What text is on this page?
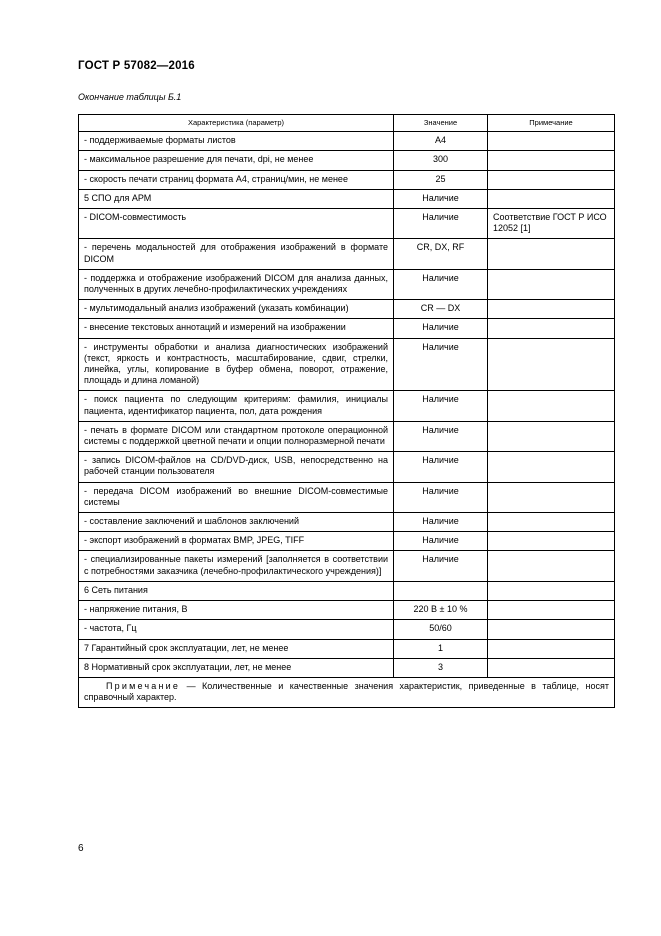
ГОСТ Р 57082—2016
Окончание таблицы Б.1
Характеристика (параметр)	Значение	Примечание
- поддерживаемые форматы листов	А4	
- максимальное разрешение для печати, dpi, не менее	300	
- скорость печати страниц формата А4, страниц/мин, не менее	25	
5 СПО для АРМ	Наличие	
- DICOM-совместимость	Наличие	Соответствие ГОСТ Р ИСО 12052 [1]
- перечень модальностей для отображения изображений в формате DICOM	CR, DX, RF	
- поддержка и отображение изображений DICOM для анализа данных, полученных в других лечебно-профилактических учреждениях	Наличие	
- мультимодальный анализ изображений (указать комбинации)	CR — DX	
- внесение текстовых аннотаций и измерений на изображении	Наличие	
- инструменты обработки и анализа диагностических изображений (текст, яркость и контрастность, масштабирование, сдвиг, стрелки, линейка, углы, копирование в буфер обмена, поворот, отражение, площадь и длина ломаной)	Наличие	
- поиск пациента по следующим критериям: фамилия, инициалы пациента, идентификатор пациента, пол, дата рождения	Наличие	
- печать в формате DICOM или стандартном протоколе операционной системы с поддержкой цветной печати и опции полноразмерной печати	Наличие	
- запись DICOM-файлов на CD/DVD-диск, USB, непосредственно на рабочей станции пользователя	Наличие	
- передача DICOM изображений во внешние DICOM-совместимые системы	Наличие	
- составление заключений и шаблонов заключений	Наличие	
- экспорт изображений в форматах BMP, JPEG, TIFF	Наличие	
- специализированные пакеты измерений [заполняется в соответствии с потребностями заказчика (лечебно-профилактического учреждения)]	Наличие	
6 Сеть питания		
- напряжение питания, В	220 В ± 10 %	
- частота, Гц	50/60	
7 Гарантийный срок эксплуатации, лет, не менее	1	
8 Нормативный срок эксплуатации, лет, не менее	3	
Примечание — Количественные и качественные значения характеристик, приведенные в таблице, носят справочный характер.		
6
